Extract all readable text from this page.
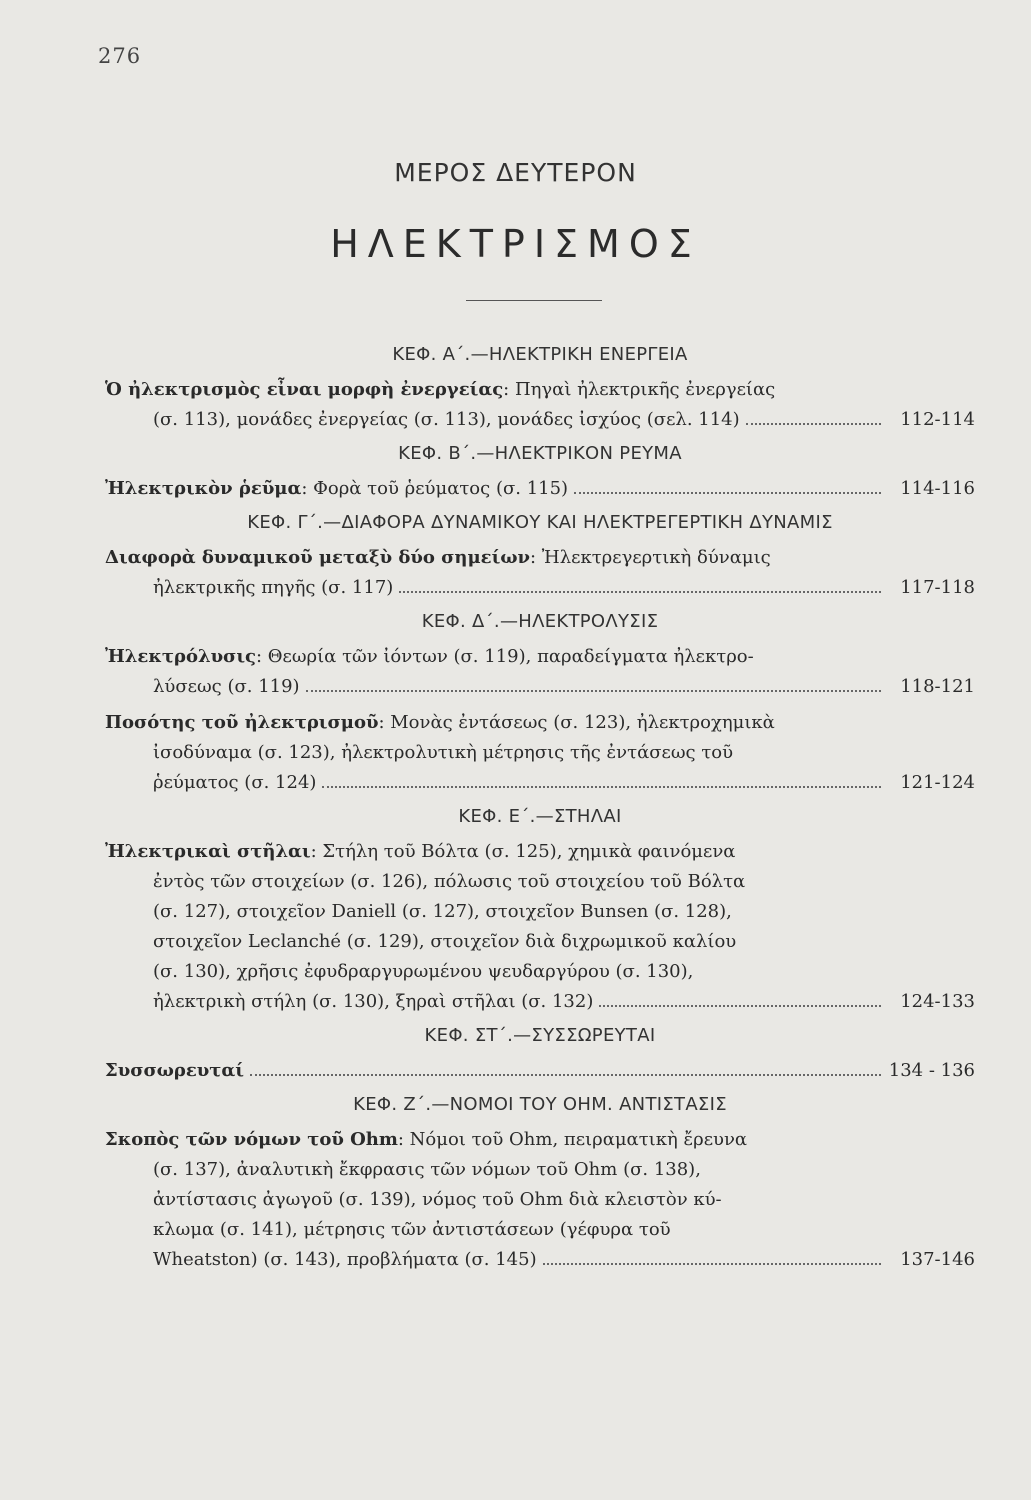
276
ΜΕΡΟΣ ΔΕΥΤΕΡΟΝ
ΗΛΕΚΤΡΙΣΜΟΣ
ΚΕΦ. Α΄.—ΗΛΕΚΤΡΙΚΗ ΕΝΕΡΓΕΙΑ
Ὁ ἠλεκτρισμὸς εἶναι μορφὴ ἐνεργείας : Πηγαὶ ἠλεκτρικῆς ἐνεργείας
(σ. 113), μονάδες ἐνεργείας (σ. 113), μονάδες ἰσχύος (σελ. 114)	112-114
ΚΕΦ. Β΄.—ΗΛΕΚΤΡΙΚΟΝ ΡΕΥΜΑ
Ἠλεκτρικὸν ῥεῦμα : Φορὰ τοῦ ῥεύματος (σ. 115)	114-116
ΚΕΦ. Γ΄.—ΔΙΑΦΟΡΑ ΔΥΝΑΜΙΚΟΥ ΚΑΙ ΗΛΕΚΤΡΕΓΕΡΤΙΚΗ ΔΥΝΑΜΙΣ
Διαφορὰ δυναμικοῦ μεταξὺ δύο σημείων : Ἠλεκτρεγερτικὴ δύναμις
ἠλεκτρικῆς πηγῆς (σ. 117)	117-118
ΚΕΦ. Δ΄.—ΗΛΕΚΤΡΟΛΥΣΙΣ
Ἠλεκτρόλυσις : Θεωρία τῶν ἰόντων (σ. 119), παραδείγματα ἠλεκτρο-
λύσεως (σ. 119)	118-121
Ποσότης τοῦ ἠλεκτρισμοῦ : Μονὰς ἐντάσεως (σ. 123), ἠλεκτροχημικὰ
ἰσοδύναμα (σ. 123), ἠλεκτρολυτικὴ μέτρησις τῆς ἐντάσεως τοῦ
ῥεύματος (σ. 124)	121-124
ΚΕΦ. Ε΄.—ΣΤΗΛΑΙ
Ἠλεκτρικαὶ στῆλαι : Στήλη τοῦ Βόλτα (σ. 125), χημικὰ φαινόμενα
ἐντὸς τῶν στοιχείων (σ. 126), πόλωσις τοῦ στοιχείου τοῦ Βόλτα
(σ. 127), στοιχεῖον Daniell (σ. 127), στοιχεῖον Bunsen (σ. 128),
στοιχεῖον Leclanché (σ. 129), στοιχεῖον διὰ διχρωμικοῦ καλίου
(σ. 130), χρῆσις ἐφυδραργυρωμένου ψευδαργύρου (σ. 130),
ἠλεκτρικὴ στήλη (σ. 130), ξηραὶ στῆλαι (σ. 132)	124-133
ΚΕΦ. ΣΤ΄.—ΣΥΣΣΩΡΕΥΤΑΙ
Συσσωρευταί	134 - 136
ΚΕΦ. Ζ΄.—ΝΟΜΟΙ ΤΟΥ ΟΗΜ. ΑΝΤΙΣΤΑΣΙΣ
Σκοπὸς τῶν νόμων τοῦ Ohm : Νόμοι τοῦ Ohm, πειραματικὴ ἔρευνα
(σ. 137), ἀναλυτικὴ ἔκφρασις τῶν νόμων τοῦ Ohm (σ. 138),
ἀντίστασις ἀγωγοῦ (σ. 139), νόμος τοῦ Ohm διὰ κλειστὸν κύ-
κλωμα (σ. 141), μέτρησις τῶν ἀντιστάσεων (γέφυρα τοῦ
Wheatston) (σ. 143), προβλήματα (σ. 145)	137-146
